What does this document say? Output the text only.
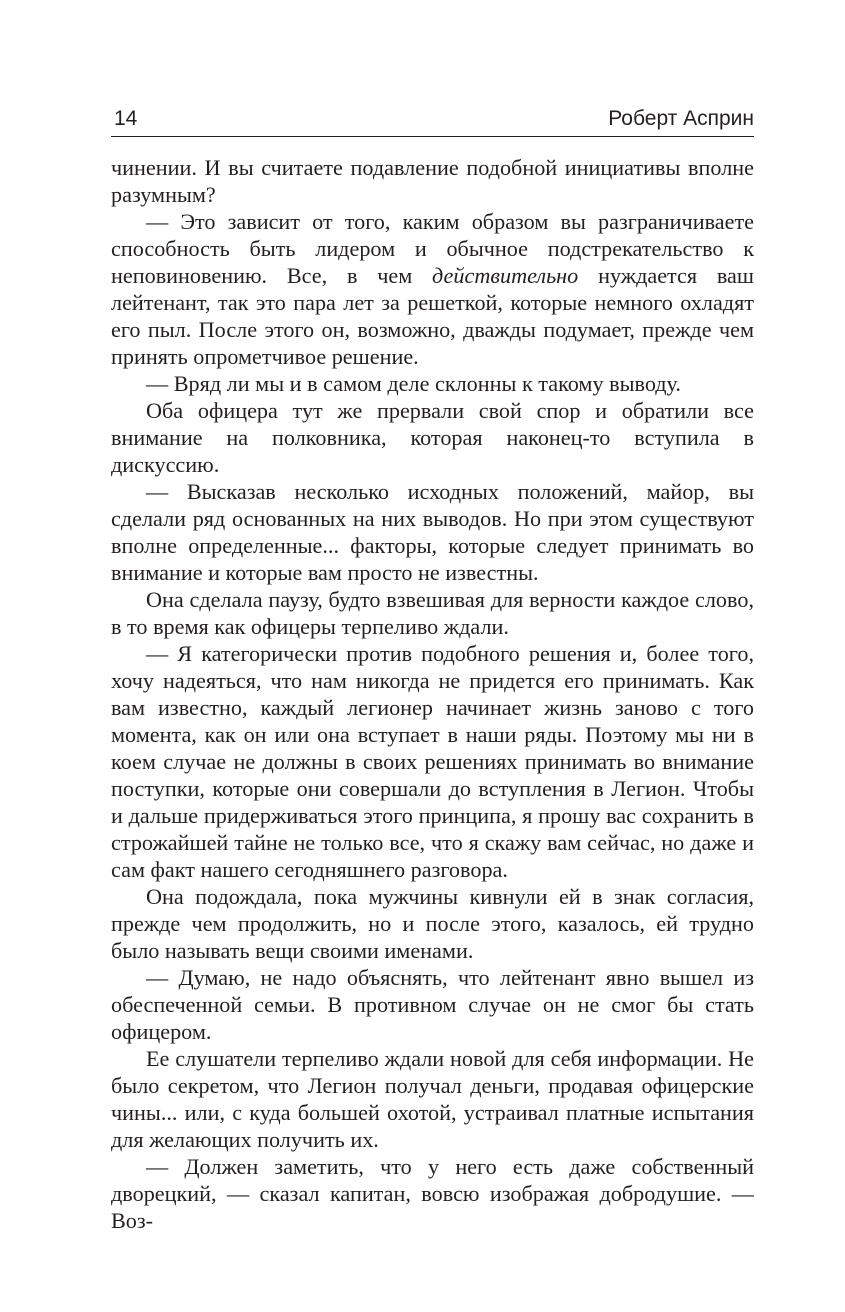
14	Роберт Асприн

чинении. И вы считаете подавление подобной инициативы вполне разумным?

— Это зависит от того, каким образом вы разграничиваете способность быть лидером и обычное подстрекательство к неповиновению. Все, в чем действительно нуждается ваш лейтенант, так это пара лет за решеткой, которые немного охладят его пыл. После этого он, возможно, дважды подумает, прежде чем принять опрометчивое решение.

— Вряд ли мы и в самом деле склонны к такому выводу.

Оба офицера тут же прервали свой спор и обратили все внимание на полковника, которая наконец-то вступила в дискуссию.

— Высказав несколько исходных положений, майор, вы сделали ряд основанных на них выводов. Но при этом существуют вполне определенные... факторы, которые следует принимать во внимание и которые вам просто не известны.

Она сделала паузу, будто взвешивая для верности каждое слово, в то время как офицеры терпеливо ждали.

— Я категорически против подобного решения и, более того, хочу надеяться, что нам никогда не придется его принимать. Как вам известно, каждый легионер начинает жизнь заново с того момента, как он или она вступает в наши ряды. Поэтому мы ни в коем случае не должны в своих решениях принимать во внимание поступки, которые они совершали до вступления в Легион. Чтобы и дальше придерживаться этого принципа, я прошу вас сохранить в строжайшей тайне не только все, что я скажу вам сейчас, но даже и сам факт нашего сегодняшнего разговора.

Она подождала, пока мужчины кивнули ей в знак согласия, прежде чем продолжить, но и после этого, казалось, ей трудно было называть вещи своими именами.

— Думаю, не надо объяснять, что лейтенант явно вышел из обеспеченной семьи. В противном случае он не смог бы стать офицером.

Ее слушатели терпеливо ждали новой для себя информации. Не было секретом, что Легион получал деньги, продавая офицерские чины... или, с куда большей охотой, устраивал платные испытания для желающих получить их.

— Должен заметить, что у него есть даже собственный дворецкий, — сказал капитан, вовсю изображая добродушие. — Воз-
